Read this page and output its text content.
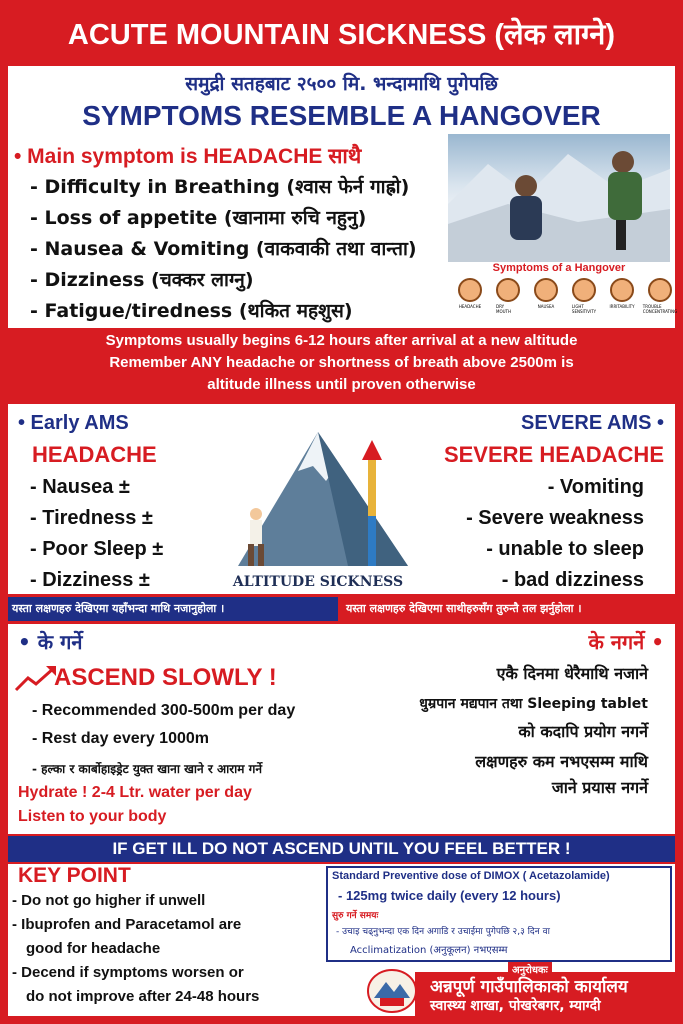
ACUTE MOUNTAIN SICKNESS (लेक लाग्ने)
समुद्री सतहबाट २५०० मि. भन्दामाथि पुगेपछि
SYMPTOMS RESEMBLE A HANGOVER
• Main symptom is HEADACHE साथै
- Difficulty in Breathing (श्वास फेर्न गाह्रो)
- Loss of appetite (खानामा रुचि नहुनु)
- Nausea & Vomiting (वाकवाकी तथा वान्ता)
- Dizziness (चक्कर लाग्नु)
- Fatigue/tiredness (थकित महशुस)
Symptoms of a Hangover
HEADACHE	DRY MOUTH
NAUSEA	LIGHT SENSITIVITY
IRRITABILITY TROUBLE CONCENTRATING
Symptoms usually begins 6-12 hours after arrival at a new altitude
Remember ANY headache or shortness of breath above 2500m is
altitude illness until proven otherwise
• Early AMS
HEADACHE
- Nausea ±
- Tiredness ±
- Poor Sleep ±
- Dizziness ±	ALTITUDE SICKNESS
SEVERE AMS •
SEVERE HEADACHE
- Vomiting
- Severe weakness
- unable to sleep
- bad dizziness
यस्ता लक्षणहरु देखिएमा यहाँभन्दा माथि नजानुहोला ।	यस्ता लक्षणहरु देखिएमा साथीहरुसँग तुरुन्तै तल झर्नुहोला ।
• के गर्ने
ASCEND SLOWLY !
- Recommended 300-500m per day
- Rest day every 1000m
- हल्का र कार्बोहाइड्रेट युक्त खाना खाने र आराम गर्ने
Hydrate ! 2-4 Ltr. water per day
Listen to your body
के नगर्ने •
एकै दिनमा धेरैमाथि नजाने
धुम्रपान मद्यपान तथा Sleeping tablet
को कदापि प्रयोग नगर्ने
लक्षणहरु कम नभएसम्म माथि
जाने प्रयास नगर्ने
IF GET ILL DO NOT ASCEND UNTIL YOU FEEL BETTER !
KEY POINT
- Do not go higher if unwell
- Ibuprofen and Paracetamol are
good for headache
- Decend if symptoms worsen or
do not improve after 24-48 hours
Standard Preventive dose of DIMOX ( Acetazolamide)
- 125mg twice daily (every 12 hours)
सुरु गर्ने समयः
- उचाइ चढ्नुभन्दा एक दिन अगाडि र उचाईमा पुगेपछि २,३ दिन वा
Acclimatization (अनुकूलन) नभएसम्म
अनुरोधकः
अन्नपूर्ण गाउँपालिकाको कार्यालय
स्वास्थ्य शाखा, पोखरेबगर, म्याग्दी
